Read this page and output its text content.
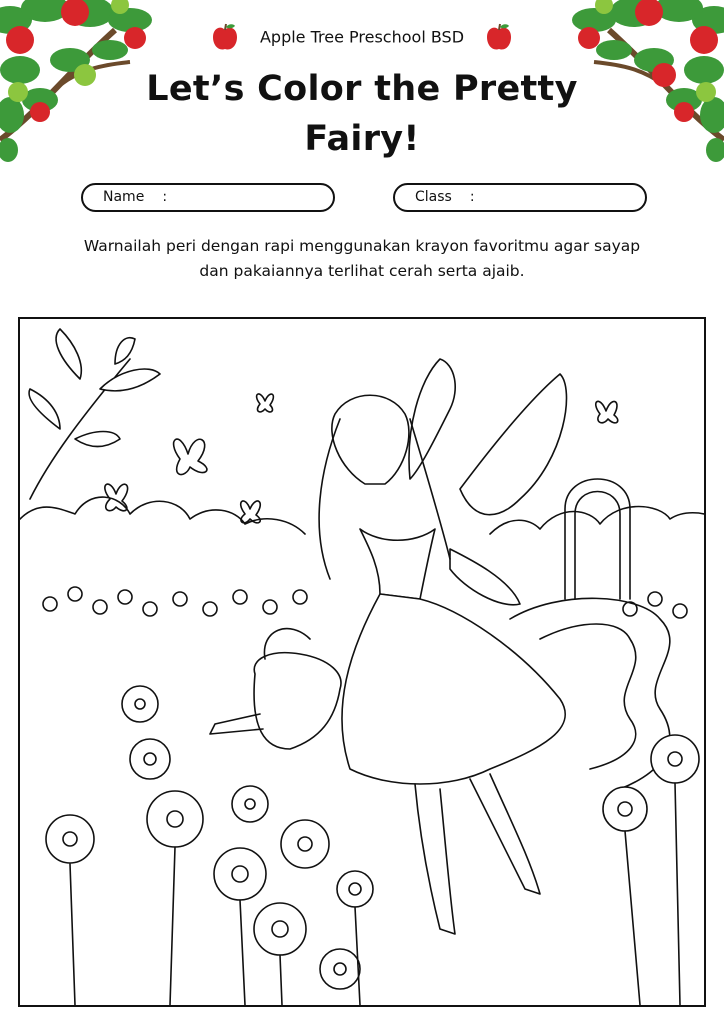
Apple Tree Preschool BSD
Let’s Color the Pretty Fairy!
Name :	Class :
Warnailah peri dengan rapi menggunakan krayon favoritmu agar sayap dan pakaiannya terlihat cerah serta ajaib.
